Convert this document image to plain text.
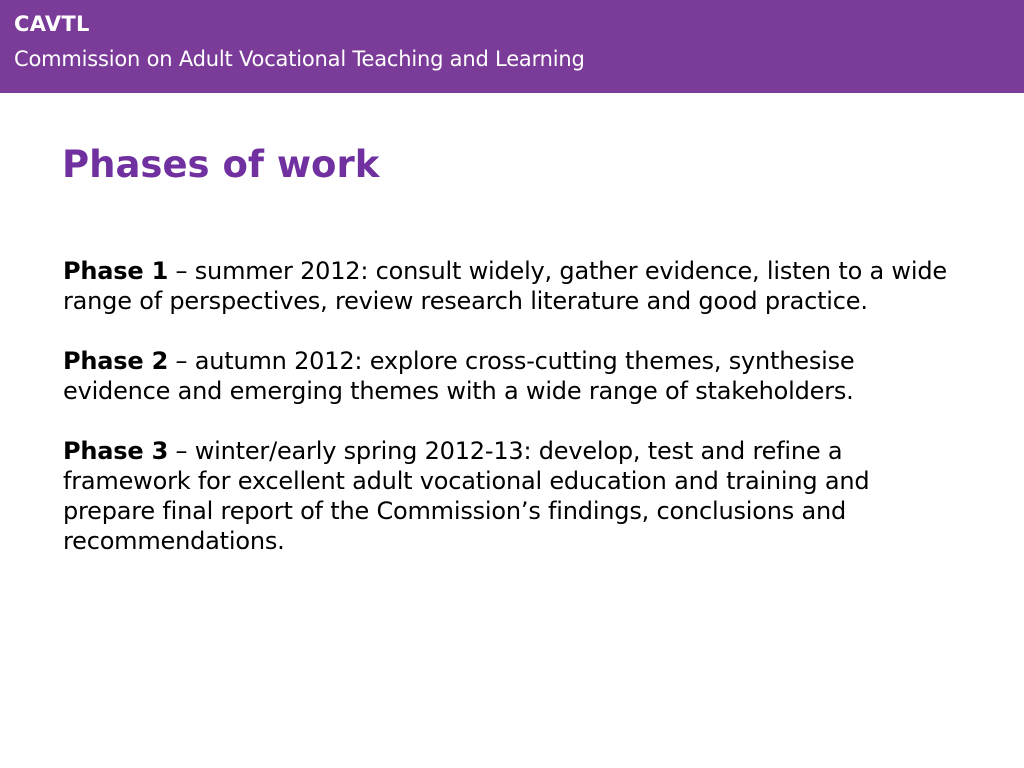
CAVTL
Commission on Adult Vocational Teaching and Learning
Phases of work

Phase 1 – summer 2012: consult widely, gather evidence, listen to a wide range of perspectives, review research literature and good practice.

Phase 2 – autumn 2012: explore cross-cutting themes, synthesise evidence and emerging themes with a wide range of stakeholders.

Phase 3 – winter/early spring 2012-13: develop, test and refine a framework for excellent adult vocational education and training and prepare final report of the Commission’s findings, conclusions and recommendations.
